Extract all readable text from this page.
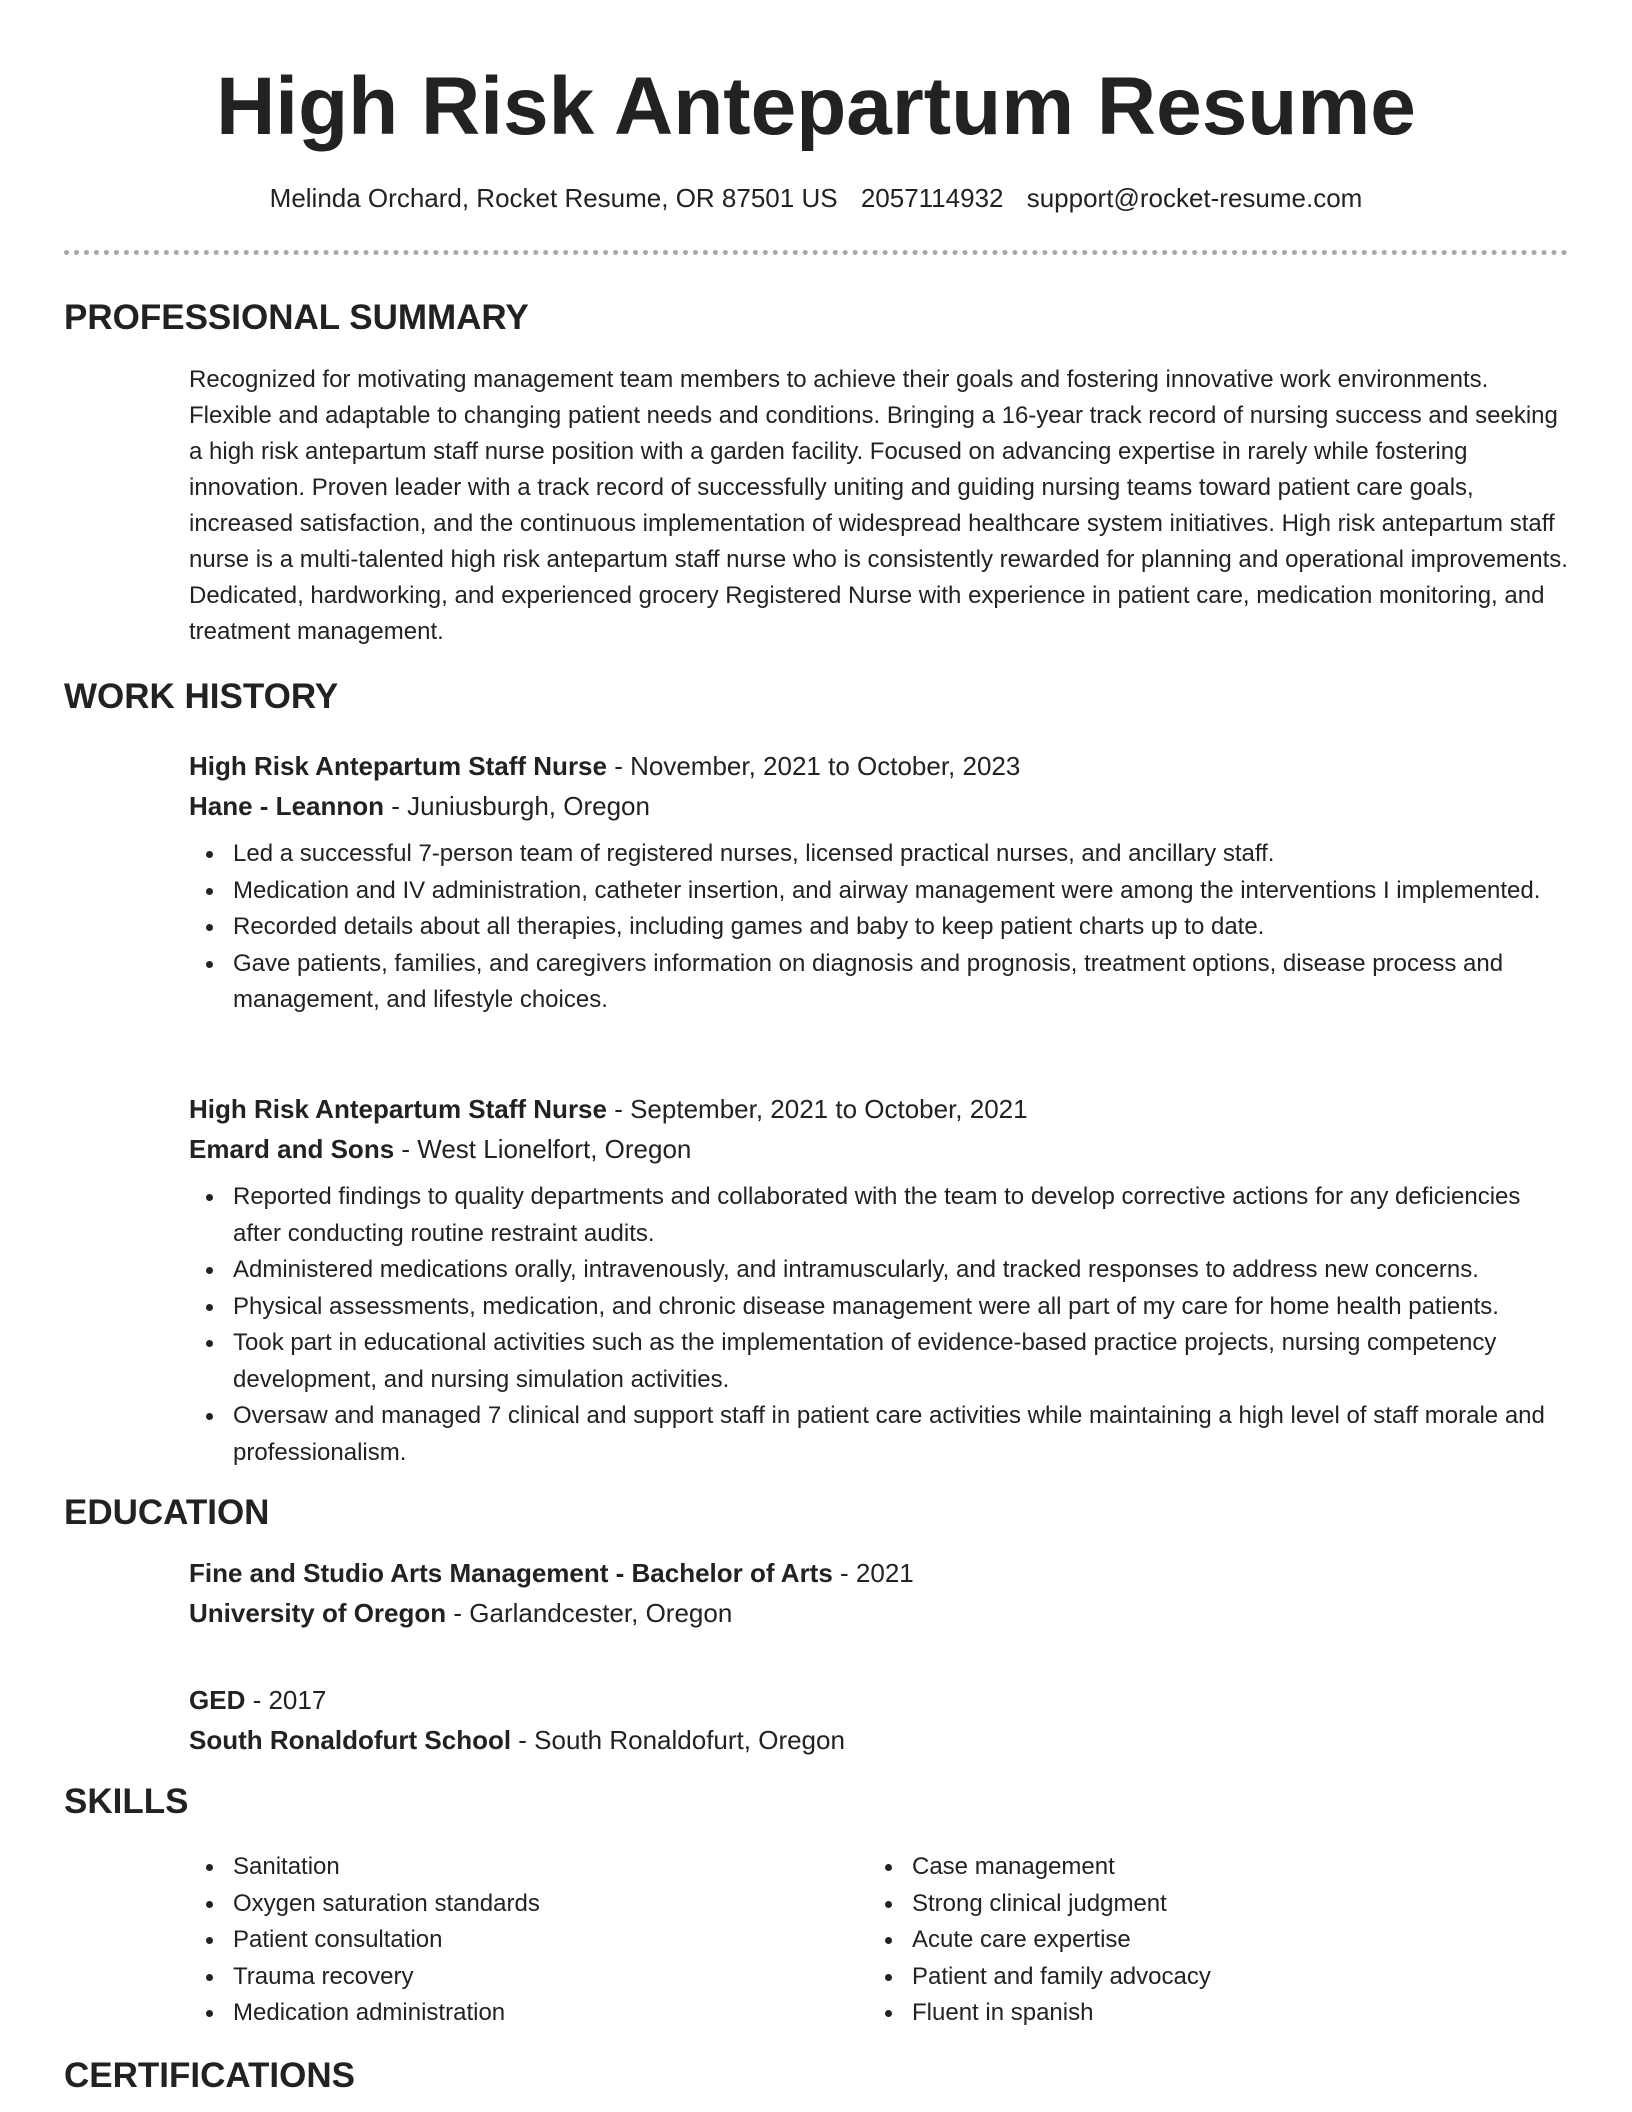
High Risk Antepartum Resume
Melinda Orchard, Rocket Resume, OR 87501 US 2057114932 support@rocket-resume.com
PROFESSIONAL SUMMARY

Recognized for motivating management team members to achieve their goals and fostering innovative work environments. Flexible and adaptable to changing patient needs and conditions. Bringing a 16-year track record of nursing success and seeking a high risk antepartum staff nurse position with a garden facility. Focused on advancing expertise in rarely while fostering innovation. Proven leader with a track record of successfully uniting and guiding nursing teams toward patient care goals, increased satisfaction, and the continuous implementation of widespread healthcare system initiatives. High risk antepartum staff nurse is a multi-talented high risk antepartum staff nurse who is consistently rewarded for planning and operational improvements. Dedicated, hardworking, and experienced grocery Registered Nurse with experience in patient care, medication monitoring, and treatment management.

WORK HISTORY
High Risk Antepartum Staff Nurse - November, 2021 to October, 2023
Hane - Leannon - Juniusburgh, Oregon
Led a successful 7-person team of registered nurses, licensed practical nurses, and ancillary staff.
Medication and IV administration, catheter insertion, and airway management were among the interventions I implemented.
Recorded details about all therapies, including games and baby to keep patient charts up to date.
Gave patients, families, and caregivers information on diagnosis and prognosis, treatment options, disease process and management, and lifestyle choices.
High Risk Antepartum Staff Nurse - September, 2021 to October, 2021
Emard and Sons - West Lionelfort, Oregon
Reported findings to quality departments and collaborated with the team to develop corrective actions for any deficiencies after conducting routine restraint audits.
Administered medications orally, intravenously, and intramuscularly, and tracked responses to address new concerns.
Physical assessments, medication, and chronic disease management were all part of my care for home health patients.
Took part in educational activities such as the implementation of evidence-based practice projects, nursing competency development, and nursing simulation activities.
Oversaw and managed 7 clinical and support staff in patient care activities while maintaining a high level of staff morale and professionalism.
EDUCATION
Fine and Studio Arts Management - Bachelor of Arts - 2021
University of Oregon - Garlandcester, Oregon
GED - 2017
South Ronaldofurt School - South Ronaldofurt, Oregon
SKILLS
Sanitation
Oxygen saturation standards
Patient consultation
Trauma recovery
Medication administration
Case management
Strong clinical judgment
Acute care expertise
Patient and family advocacy
Fluent in spanish
CERTIFICATIONS
